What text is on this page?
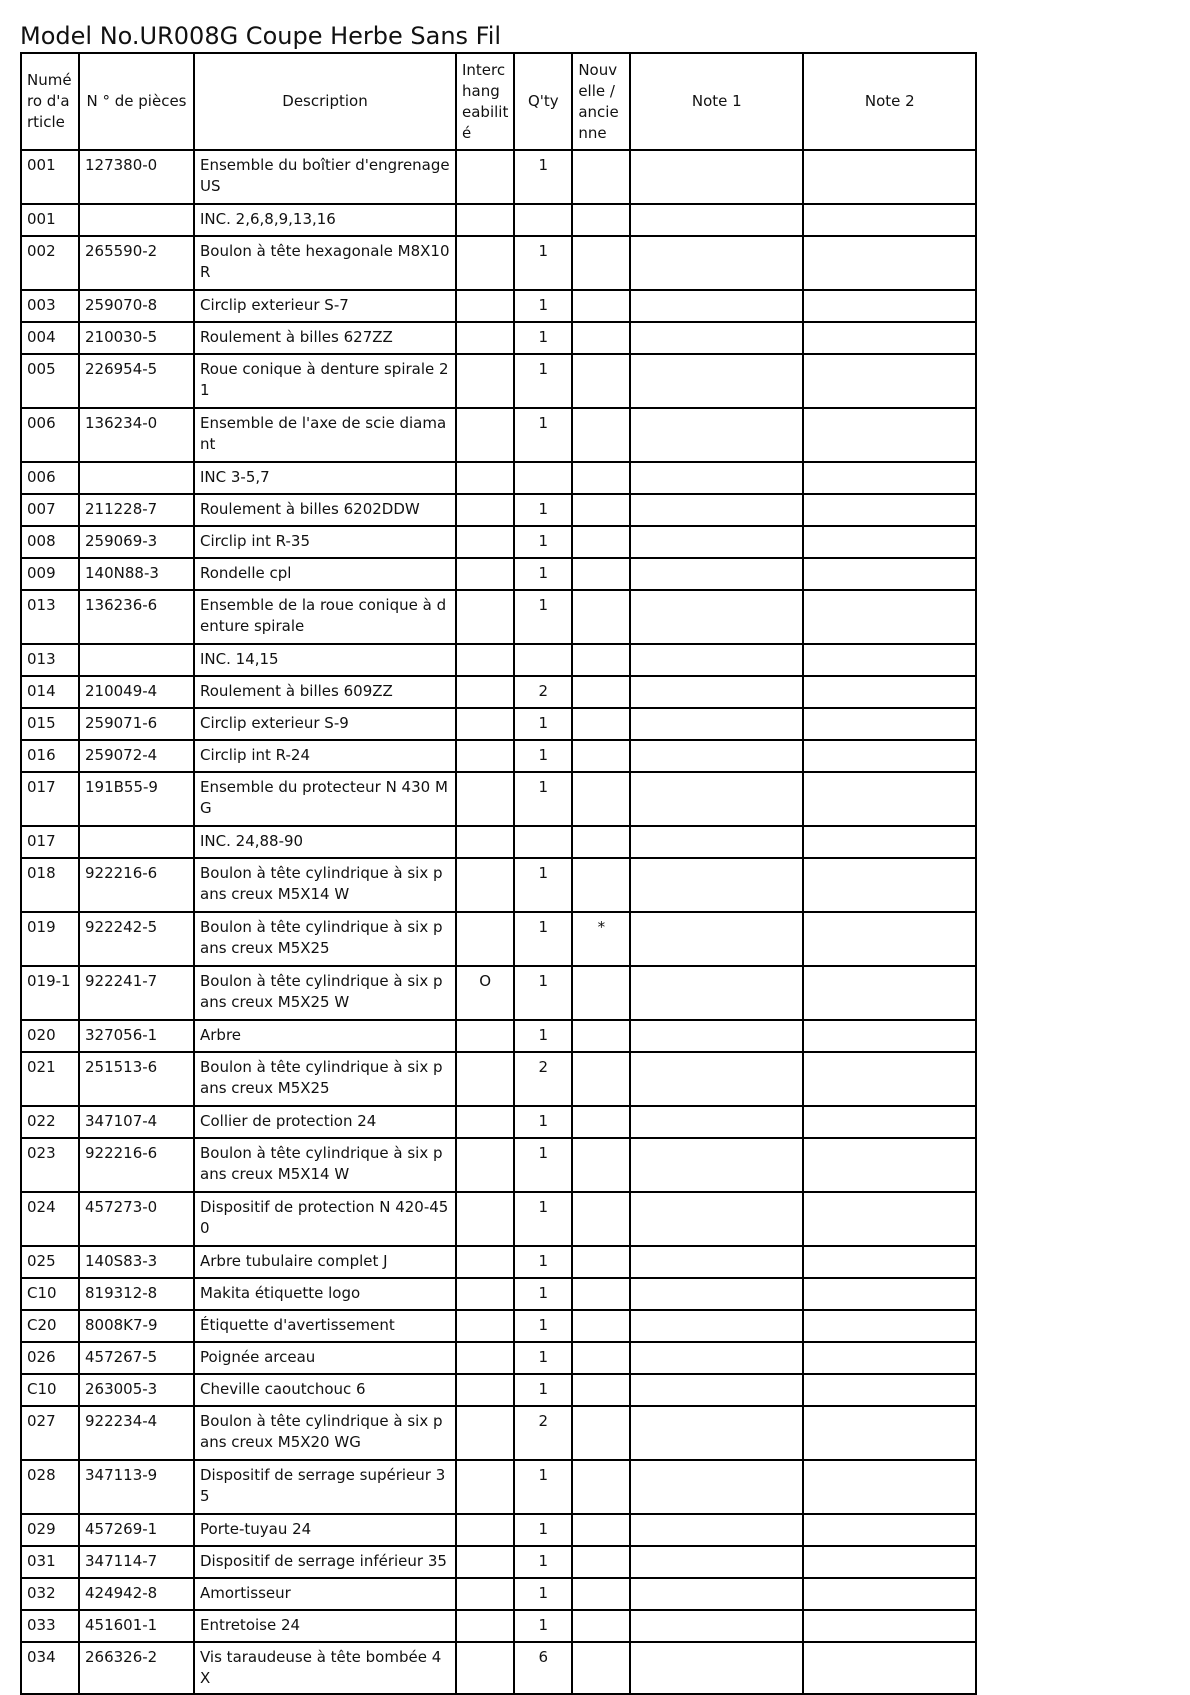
Model No.UR008G Coupe Herbe Sans Fil
Numé ro d'a rticle	N ° de pièces	Description	Interc hang eabilit é	Q'ty	Nouv elle / ancie nne	Note 1	Note 2
001	127380-0	Ensemble du boîtier d'engrenage US		1			
001		INC. 2,6,8,9,13,16					
002	265590-2	Boulon à tête hexagonale M8X10 R		1			
003	259070-8	Circlip exterieur S-7		1			
004	210030-5	Roulement à billes 627ZZ		1			
005	226954-5	Roue conique à denture spirale 21		1			
006	136234-0	Ensemble de l'axe de scie diamant		1			
006		INC 3-5,7					
007	211228-7	Roulement à billes 6202DDW		1			
008	259069-3	Circlip int R-35		1			
009	140N88-3	Rondelle cpl		1			
013	136236-6	Ensemble de la roue conique à denture spirale		1			
013		INC. 14,15					
014	210049-4	Roulement à billes 609ZZ		2			
015	259071-6	Circlip exterieur S-9		1			
016	259072-4	Circlip int R-24		1			
017	191B55-9	Ensemble du protecteur N 430 MG		1			
017		INC. 24,88-90					
018	922216-6	Boulon à tête cylindrique à six pans creux M5X14 W		1			
019	922242-5	Boulon à tête cylindrique à six pans creux M5X25		1	*		
019-1	922241-7	Boulon à tête cylindrique à six pans creux M5X25 W	O	1			
020	327056-1	Arbre		1			
021	251513-6	Boulon à tête cylindrique à six pans creux M5X25		2			
022	347107-4	Collier de protection 24		1			
023	922216-6	Boulon à tête cylindrique à six pans creux M5X14 W		1			
024	457273-0	Dispositif de protection N 420-450		1			
025	140S83-3	Arbre tubulaire complet J		1			
C10	819312-8	Makita étiquette logo		1			
C20	8008K7-9	Étiquette d'avertissement		1			
026	457267-5	Poignée arceau		1			
C10	263005-3	Cheville caoutchouc 6		1			
027	922234-4	Boulon à tête cylindrique à six pans creux M5X20 WG		2			
028	347113-9	Dispositif de serrage supérieur 35		1			
029	457269-1	Porte-tuyau 24		1			
031	347114-7	Dispositif de serrage inférieur 35		1			
032	424942-8	Amortisseur		1			
033	451601-1	Entretoise 24		1			
034	266326-2	Vis taraudeuse à tête bombée 4X		6			
